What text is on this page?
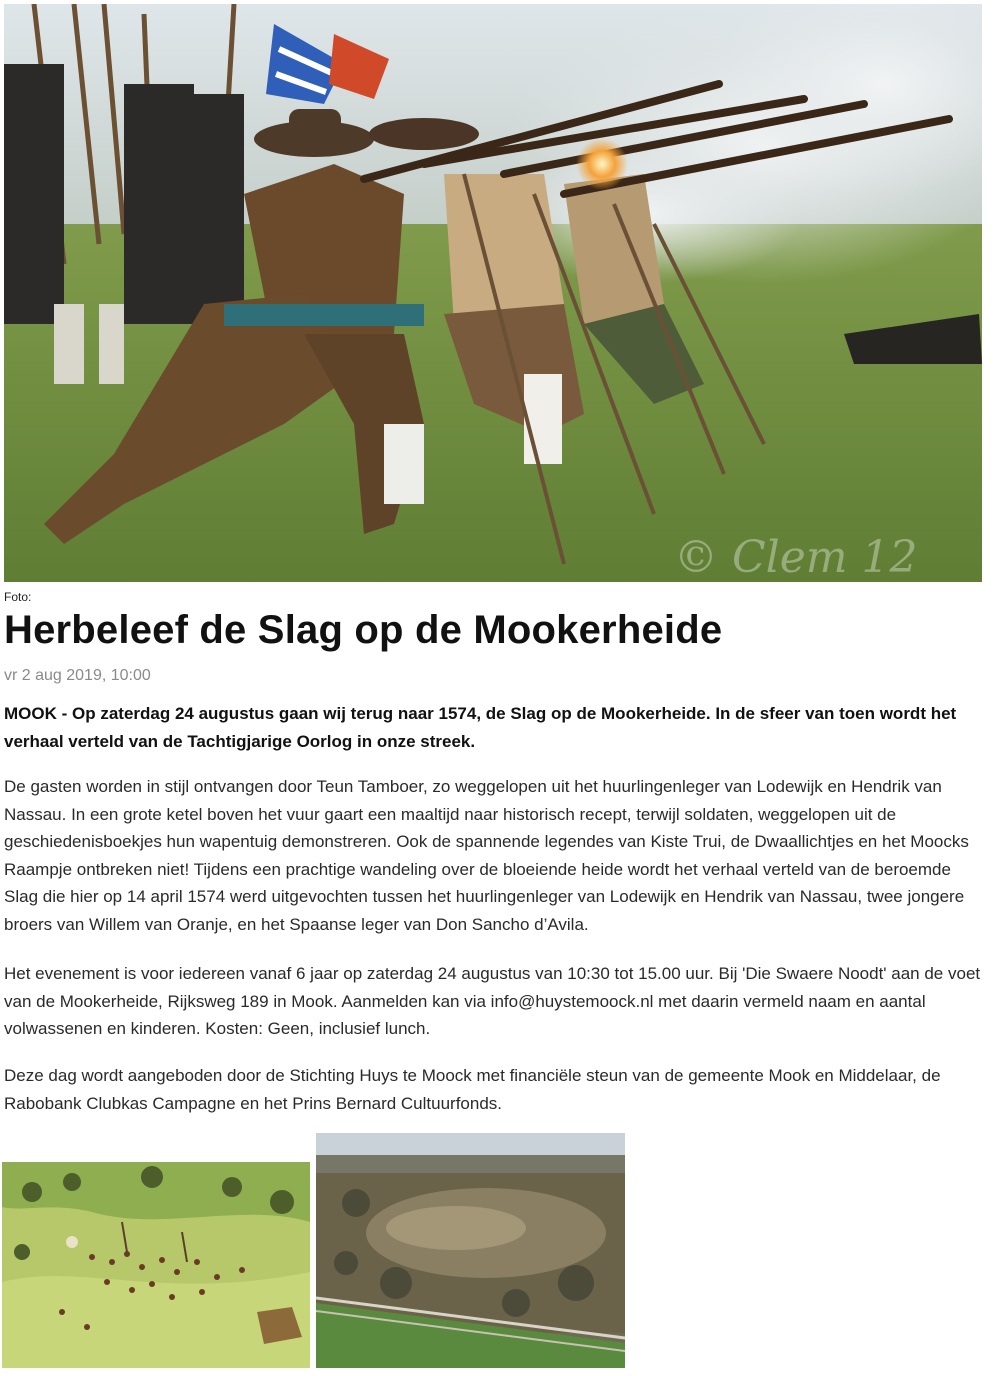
© Clem 12
Foto:
Herbeleef de Slag op de Mookerheide
vr 2 aug 2019, 10:00

MOOK - Op zaterdag 24 augustus gaan wij terug naar 1574, de Slag op de Mookerheide. In de sfeer van toen wordt het verhaal verteld van de Tachtigjarige Oorlog in onze streek.

De gasten worden in stijl ontvangen door Teun Tamboer, zo weggelopen uit het huurlingenleger van Lodewijk en Hendrik van Nassau. In een grote ketel boven het vuur gaart een maaltijd naar historisch recept, terwijl soldaten, weggelopen uit de geschiedenisboekjes hun wapentuig demonstreren. Ook de spannende legendes van Kiste Trui, de Dwaallichtjes en het Moocks Raampje ontbreken niet! Tijdens een prachtige wandeling over de bloeiende heide wordt het verhaal verteld van de beroemde Slag die hier op 14 april 1574 werd uitgevochten tussen het huurlingenleger van Lodewijk en Hendrik van Nassau, twee jongere broers van Willem van Oranje, en het Spaanse leger van Don Sancho d’Avila.

Het evenement is voor iedereen vanaf 6 jaar op zaterdag 24 augustus van 10:30 tot 15.00 uur. Bij 'Die Swaere Noodt' aan de voet van de Mookerheide, Rijksweg 189 in Mook. Aanmelden kan via info@huystemoock.nl met daarin vermeld naam en aantal volwassenen en kinderen. Kosten: Geen, inclusief lunch.

Deze dag wordt aangeboden door de Stichting Huys te Moock met financiële steun van de gemeente Mook en Middelaar, de Rabobank Clubkas Campagne en het Prins Bernard Cultuurfonds.
